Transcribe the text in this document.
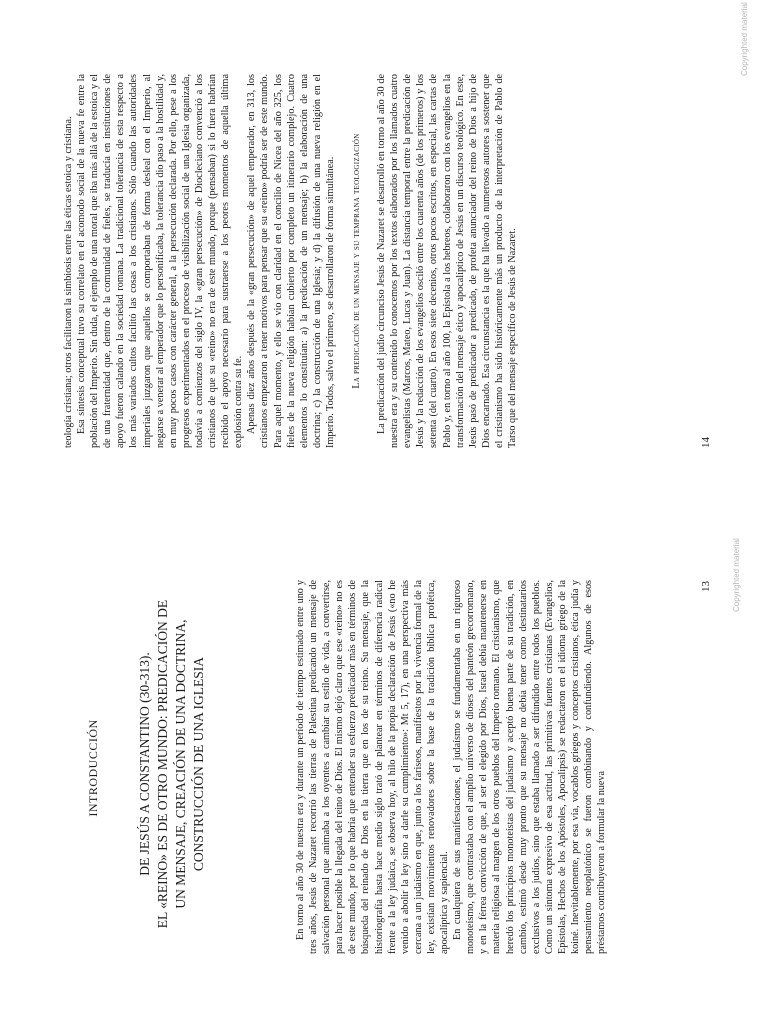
INTRODUCCIÓN	DE JESÚS A CONSTANTINO (30-313). EL «REINO» ES DE OTRO MUNDO: PREDICACIÓN DE UN MENSAJE, CREACIÓN DE UNA DOCTRINA, CONSTRUCCIÓN DE UNA IGLESIA	En torno al año 30 de nuestra era y durante un período de tiempo estimado entre uno y tres años, Jesús de Nazaret recorrió las tierras de Palestina predicando un mensaje de salvación personal que animaba a los oyentes a cambiar su estilo de vida, a convertirse, para hacer posible la llegada del reino de Dios. El mismo dejó claro que ese «reino» no es de este mundo, por lo que habría que entender su esfuerzo predicador más en términos de búsqueda del reinado de Dios en la tierra que en los de su reino. Su mensaje, que la historiografía hasta hace medio siglo trató de plantear en términos de diferencia radical frente a la ley judaica, se observa hoy, al hilo de la propia declaración de Jesús («no he venido a abolir la ley sino a darle su cumplimiento»: Mt 5, 17), en una perspectiva más cercana a un judaísmo en que, junto a los fariseos, manifiestos por la vivencia formal de la ley, existían movimientos renovadores sobre la base de la tradición bíblica profética, apocalíptica y sapiencial. En cualquiera de sus manifestaciones, el judaísmo se fundamentaba en un riguroso monoteísmo, que contrastaba con el amplio universo de dioses del panteón grecorromano, y en la férrea convicción de que, al ser el elegido por Dios, Israel debía mantenerse en materia religiosa al margen de los otros pueblos del Imperio romano. El cristianismo, que heredó los principios monoteístas del judaísmo y aceptó buena parte de su tradición, en cambio, estimó desde muy pronto que su mensaje no debía tener como destinatarios exclusivos a los judíos, sino que estaba llamado a ser difundido entre todos los pueblos. Como un síntoma expresivo de esa actitud, las primitivas fuentes cristianas (Evangelios, Epístolas, Hechos de los Apóstoles, Apocalipsis) se redactaron en el idioma griego de la koiné. Inevitablemente, por esa vía, vocablos griegos y conceptos cristianos, ética judía y pensamiento neoplatónico se fueron combinando y confundiendo. Algunos de esos préstamos contribuyeron a formular la nueva

13	Copyrighted material

teología cristiana; otros facilitaron la simbiosis entre las éticas estoica y cristiana. Esa síntesis conceptual tuvo su correlato en el acomodo social de la nueva fe entre la población del Imperio. Sin duda, el ejemplo de una moral que iba más allá de la estoica y el de una fraternidad que, dentro de la comunidad de fieles, se traducía en instituciones de apoyo fueron calando en la sociedad romana. La tradicional tolerancia de esta respecto a los más variados cultos facilitó las cosas a los cristianos. Sólo cuando las autoridades imperiales juzgaron que aquellos se comportaban de forma desleal con el Imperio, al negarse a venerar al emperador que lo personificaba, la tolerancia dio paso a la hostilidad y, en muy pocos casos con carácter general, a la persecución declarada. Por ello, pese a los progresos experimentados en el proceso de visibilización social de una Iglesia organizada, todavía a comienzos del siglo IV, la «gran persecución» de Diocleciano convenció a los cristianos de que su «reino» no era de este mundo, porque (pensaban) si lo fuera habrían recibido el apoyo necesario para sustraerse a los peores momentos de aquella última explosión contra su fe. Apenas diez años después de la «gran persecución» de aquel emperador, en 313, los cristianos empezaron a tener motivos para pensar que su «reino» podría ser de este mundo. Para aquel momento, y ello se vio con claridad en el concilio de Nicea del año 325, los fieles de la nueva religión habían cubierto por completo un itinerario complejo. Cuatro elementos lo constituían: a) la predicación de un mensaje; b) la elaboración de una doctrina; c) la construcción de una Iglesia; y d) la difusión de una nueva religión en el Imperio. Todos, salvo el primero, se desarrollaron de forma simultánea. La predicación de un mensaje y su temprana teologización La predicación del judío circunciso Jesús de Nazaret se desarrolló en torno al año 30 de nuestra era y su contenido lo conocemos por los textos elaborados por los llamados cuatro evangelistas (Marcos, Mateo, Lucas y Juan). La distancia temporal entre la predicación de Jesús y la redacción de los evangelios osciló entre los cuarenta años (de los primeros) y los setenta (del cuarto). En esos siete decenios, otros pocos escritos, en especial, las cartas de Pablo y, en torno al año 100, la Epístola a los hebreos, colaboraron con los evangelios en la transformación del mensaje ético y apocalíptico de Jesús en un discurso teológico. En este, Jesús pasó de predicador a predicado, de profeta anunciador del reino de Dios a hijo de Dios encarnado. Esa circunstancia es la que ha llevado a numerosos autores a sostener que el cristianismo ha sido históricamente más un producto de la interpretación de Pablo de Tarso que del mensaje específico de Jesús de Nazaret.	14
Copyrighted material
